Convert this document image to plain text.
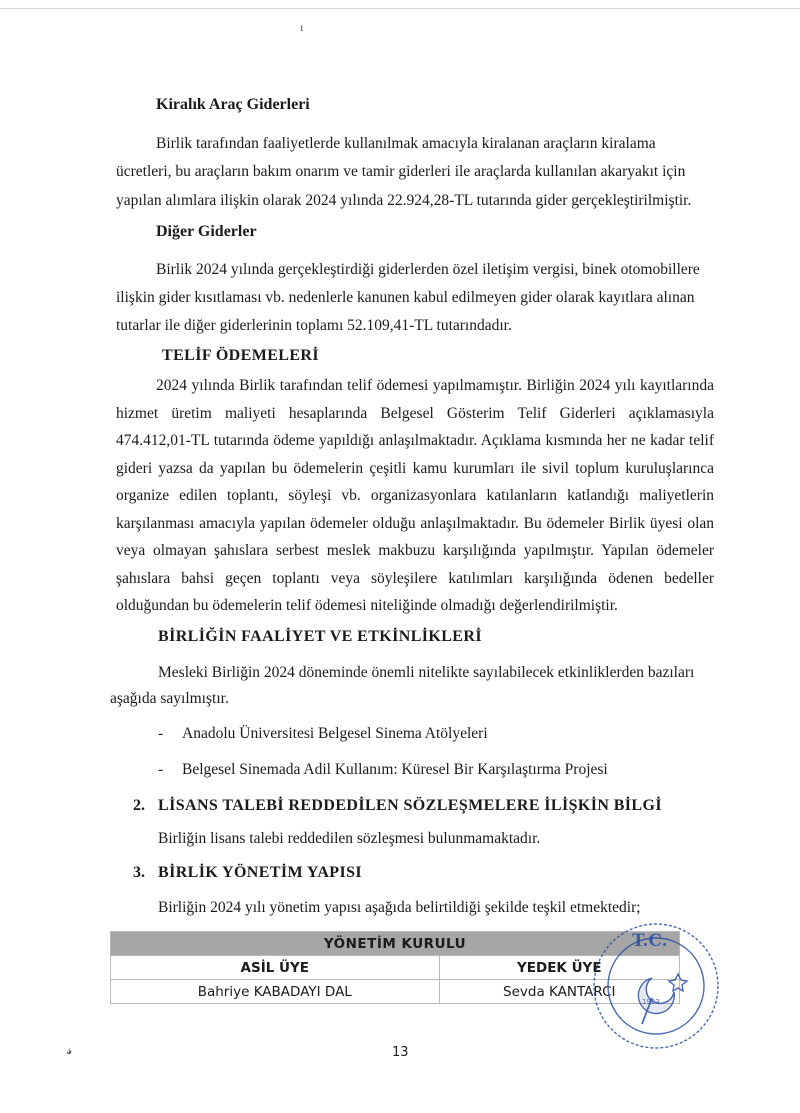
ı
Kiralık Araç Giderleri
Birlik tarafından faaliyetlerde kullanılmak amacıyla kiralanan araçların kiralama
ücretleri, bu araçların bakım onarım ve tamir giderleri ile araçlarda kullanılan akaryakıt için
yapılan alımlara ilişkin olarak 2024 yılında 22.924,28-TL tutarında gider gerçekleştirilmiştir.
Diğer Giderler
Birlik 2024 yılında gerçekleştirdiği giderlerden özel iletişim vergisi, binek otomobillere
ilişkin gider kısıtlaması vb. nedenlerle kanunen kabul edilmeyen gider olarak kayıtlara alınan
tutarlar ile diğer giderlerinin toplamı 52.109,41-TL tutarındadır.
TELİF ÖDEMELERİ
2024 yılında Birlik tarafından telif ödemesi yapılmamıştır. Birliğin 2024 yılı kayıtlarında hizmet üretim maliyeti hesaplarında Belgesel Gösterim Telif Giderleri açıklamasıyla 474.412,01-TL tutarında ödeme yapıldığı anlaşılmaktadır. Açıklama kısmında her ne kadar telif gideri yazsa da yapılan bu ödemelerin çeşitli kamu kurumları ile sivil toplum kuruluşlarınca organize edilen toplantı, söyleşi vb. organizasyonlara katılanların katlandığı maliyetlerin karşılanması amacıyla yapılan ödemeler olduğu anlaşılmaktadır. Bu ödemeler Birlik üyesi olan veya olmayan şahıslara serbest meslek makbuzu karşılığında yapılmıştır. Yapılan ödemeler şahıslara bahsi geçen toplantı veya söyleşilere katılımları karşılığında ödenen bedeller olduğundan bu ödemelerin telif ödemesi niteliğinde olmadığı değerlendirilmiştir.
BİRLİĞİN FAALİYET VE ETKİNLİKLERİ
Mesleki Birliğin 2024 döneminde önemli nitelikte sayılabilecek etkinliklerden bazıları
aşağıda sayılmıştır.
- Anadolu Üniversitesi Belgesel Sinema Atölyeleri
- Belgesel Sinemada Adil Kullanım: Küresel Bir Karşılaştırma Projesi
2. LİSANS TALEBİ REDDEDİLEN SÖZLEŞMELERE İLİŞKİN BİLGİ
Birliğin lisans talebi reddedilen sözleşmesi bulunmamaktadır.
3. BİRLİK YÖNETİM YAPISI
Birliğin 2024 yılı yönetim yapısı aşağıda belirtildiği şekilde teşkil etmektedir;
YÖNETİM KURULU	
ASİL ÜYE	YEDEK ÜYE
Bahriye KABADAYI DAL	Sevda KANTARCI
T.C.
1923
𝓈	13
